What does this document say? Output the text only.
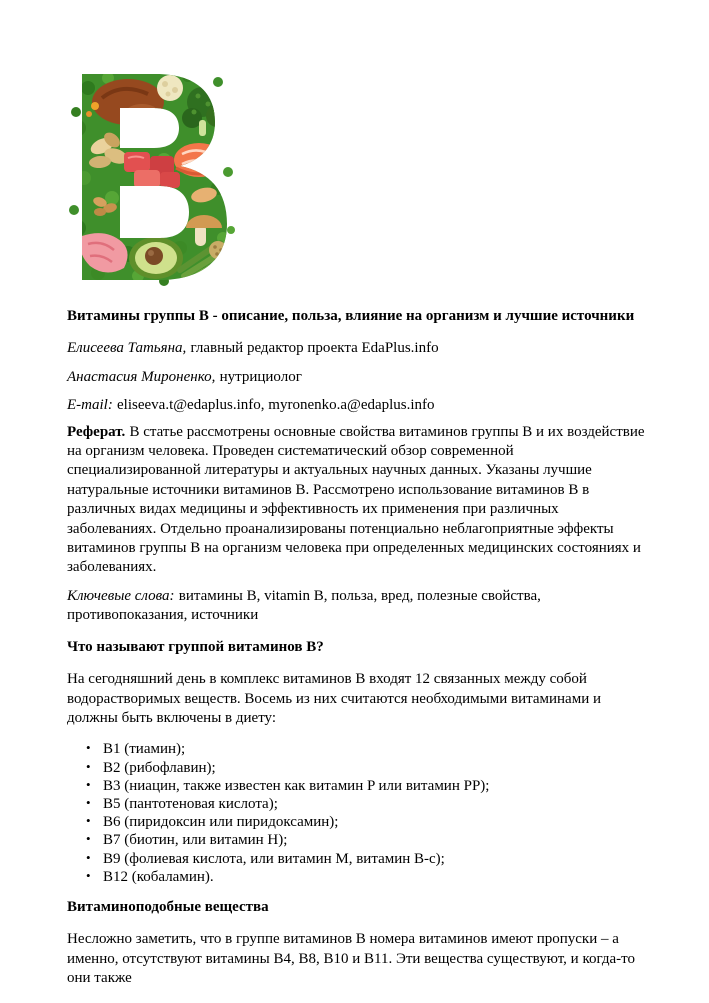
Витамины группы B - описание, польза, влияние на организм и лучшие источники

Елисеева Татьяна, главный редактор проекта EdaPlus.info

Анастасия Мироненко, нутрициолог

E-mail: eliseeva.t@edaplus.info, myronenko.a@edaplus.info

Реферат. В статье рассмотрены основные свойства витаминов группы В и их воздействие на организм человека. Проведен систематический обзор современной специализированной литературы и актуальных научных данных. Указаны лучшие натуральные источники витаминов В. Рассмотрено использование витаминов В в различных видах медицины и эффективность их применения при различных заболеваниях. Отдельно проанализированы потенциально неблагоприятные эффекты витаминов группы В на организм человека при определенных медицинских состояниях и заболеваниях.

Ключевые слова: витамины В, vitamin B, польза, вред, полезные свойства, противопоказания, источники

Что называют группой витаминов B?

На сегодняшний день в комплекс витаминов В входят 12 связанных между собой водорастворимых веществ. Восемь из них считаются необходимыми витаминами и должны быть включены в диету:

• B1 (тиамин);
• B2 (рибофлавин);
• B3 (ниацин, также известен как витамин P или витамин PP);
• B5 (пантотеновая кислота);
• B6 (пиридоксин или пиридоксамин);
• B7 (биотин, или витамин H);
• B9 (фолиевая кислота, или витамин M, витамин B-c);
• B12 (кобаламин).
Витаминоподобные вещества

Несложно заметить, что в группе витаминов В номера витаминов имеют пропуски – а именно, отсутствуют витамины В4, В8, В10 и В11. Эти вещества существуют, и когда-то они также
